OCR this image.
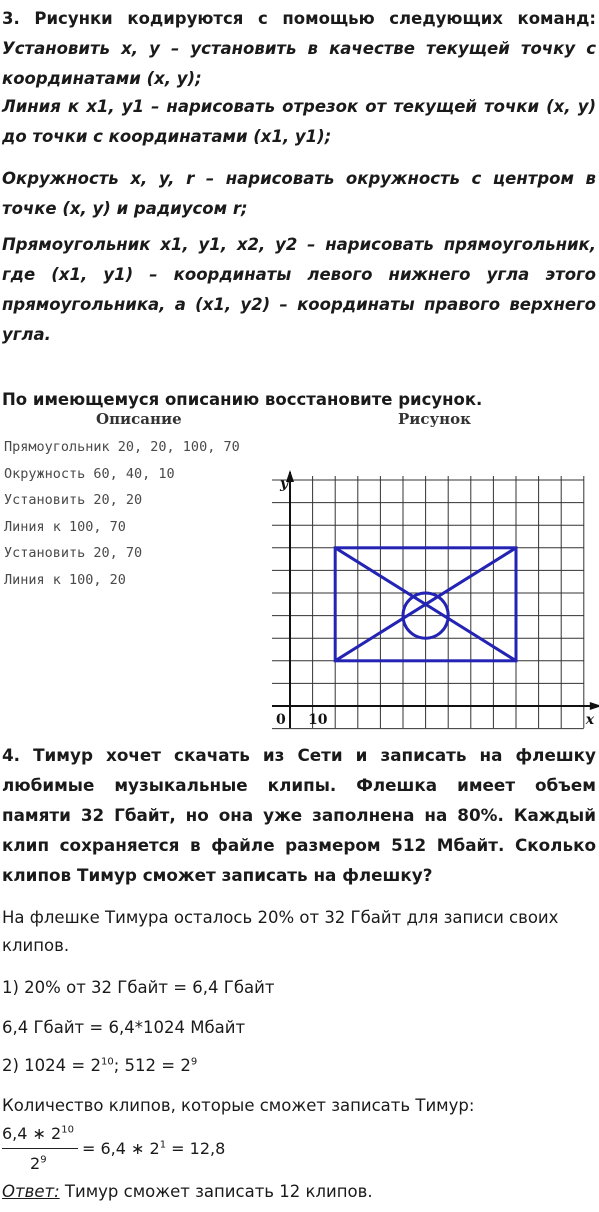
3. Рисунки кодируются с помощью следующих команд: Установить x, y – установить в качестве текущей точку с координатами (x, y);

Линия к x1, y1 – нарисовать отрезок от текущей точки (x, y) до точки с координатами (x1, y1);

Окружность x, y, r – нарисовать окружность с центром в точке (x, y) и радиусом r;

Прямоугольник x1, y1, x2, y2 – нарисовать прямоугольник, где (x1, y1) – координаты левого нижнего угла этого прямоугольника, а (x1, y2) – координаты правого верхнего угла.

По имеющемуся описанию восстановите рисунок.
Описание	Рисунок
Прямоугольник 20, 20, 100, 70
Окружность 60, 40, 10
Установить 20, 20
Линия к 100, 70
Установить 20, 70
Линия к 100, 20
y
x
0 10
4. Тимур хочет скачать из Сети и записать на флешку любимые музыкальные клипы. Флешка имеет объем памяти 32 Гбайт, но она уже заполнена на 80%. Каждый клип сохраняется в файле размером 512 Мбайт. Сколько клипов Тимур сможет записать на флешку?
На флешке Тимура осталось 20% от 32 Гбайт для записи своих клипов.
1) 20% от 32 Гбайт = 6,4 Гбайт
6,4 Гбайт = 6,4*1024 Мбайт
2) $1024 = 2^{10}$; $512 = 2^9$
Количество клипов, которые сможет записать Тимур:
6,4 ∗ $2^{10}$
$2^9$
= 6,4 ∗ $2^1 = 12,8$
Ответ: Тимур сможет записать 12 клипов.
